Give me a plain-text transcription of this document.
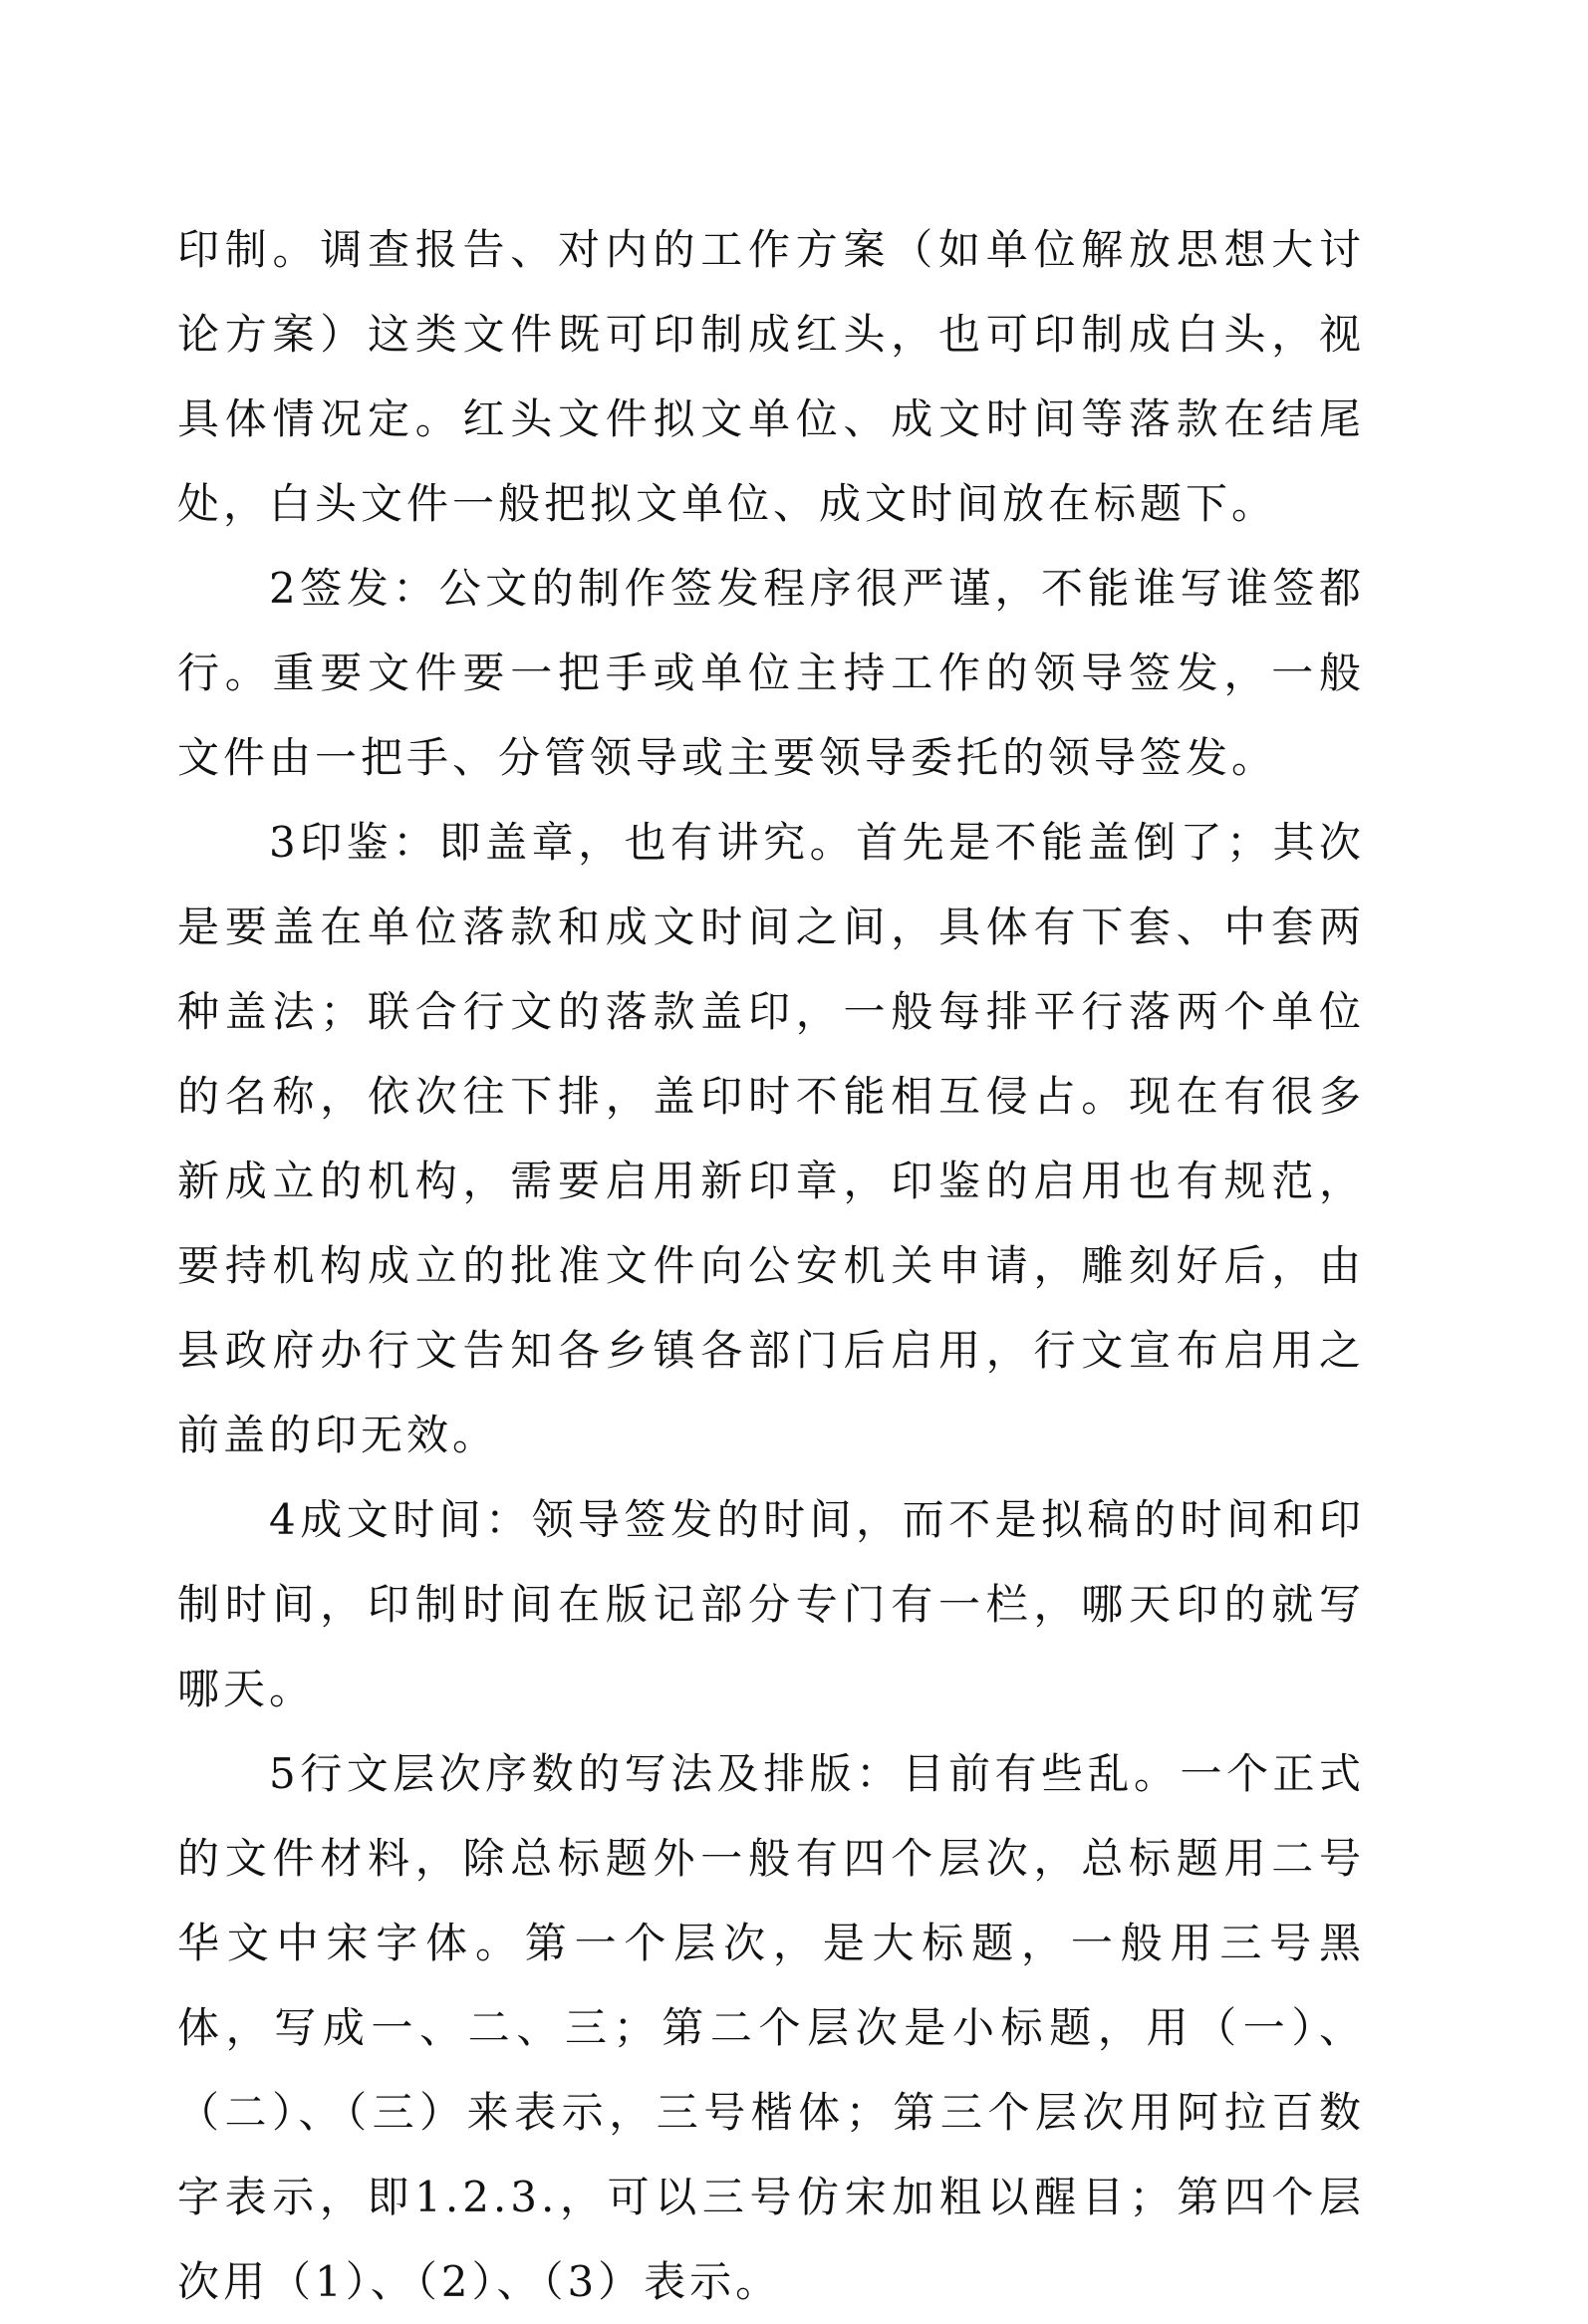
印制。调查报告、对内的工作方案（如单位解放思想大讨论方案）这类文件既可印制成红头，也可印制成白头，视具体情况定。红头文件拟文单位、成文时间等落款在结尾处，白头文件一般把拟文单位、成文时间放在标题下。

2签发：公文的制作签发程序很严谨，不能谁写谁签都行。重要文件要一把手或单位主持工作的领导签发，一般文件由一把手、分管领导或主要领导委托的领导签发。

3印鉴：即盖章，也有讲究。首先是不能盖倒了；其次是要盖在单位落款和成文时间之间，具体有下套、中套两种盖法；联合行文的落款盖印，一般每排平行落两个单位的名称，依次往下排，盖印时不能相互侵占。现在有很多新成立的机构，需要启用新印章，印鉴的启用也有规范，要持机构成立的批准文件向公安机关申请，雕刻好后，由县政府办行文告知各乡镇各部门后启用，行文宣布启用之前盖的印无效。

4成文时间：领导签发的时间，而不是拟稿的时间和印制时间，印制时间在版记部分专门有一栏，哪天印的就写哪天。

5行文层次序数的写法及排版：目前有些乱。一个正式的文件材料，除总标题外一般有四个层次，总标题用二号华文中宋字体。第一个层次，是大标题，一般用三号黑体，写成一、二、三；第二个层次是小标题，用（一）、（二）、（三）来表示，三号楷体；第三个层次用阿拉百数字表示，即1.2.3.，可以三号仿宋加粗以醒目；第四个层次用（1）、（2）、（3）表示。
